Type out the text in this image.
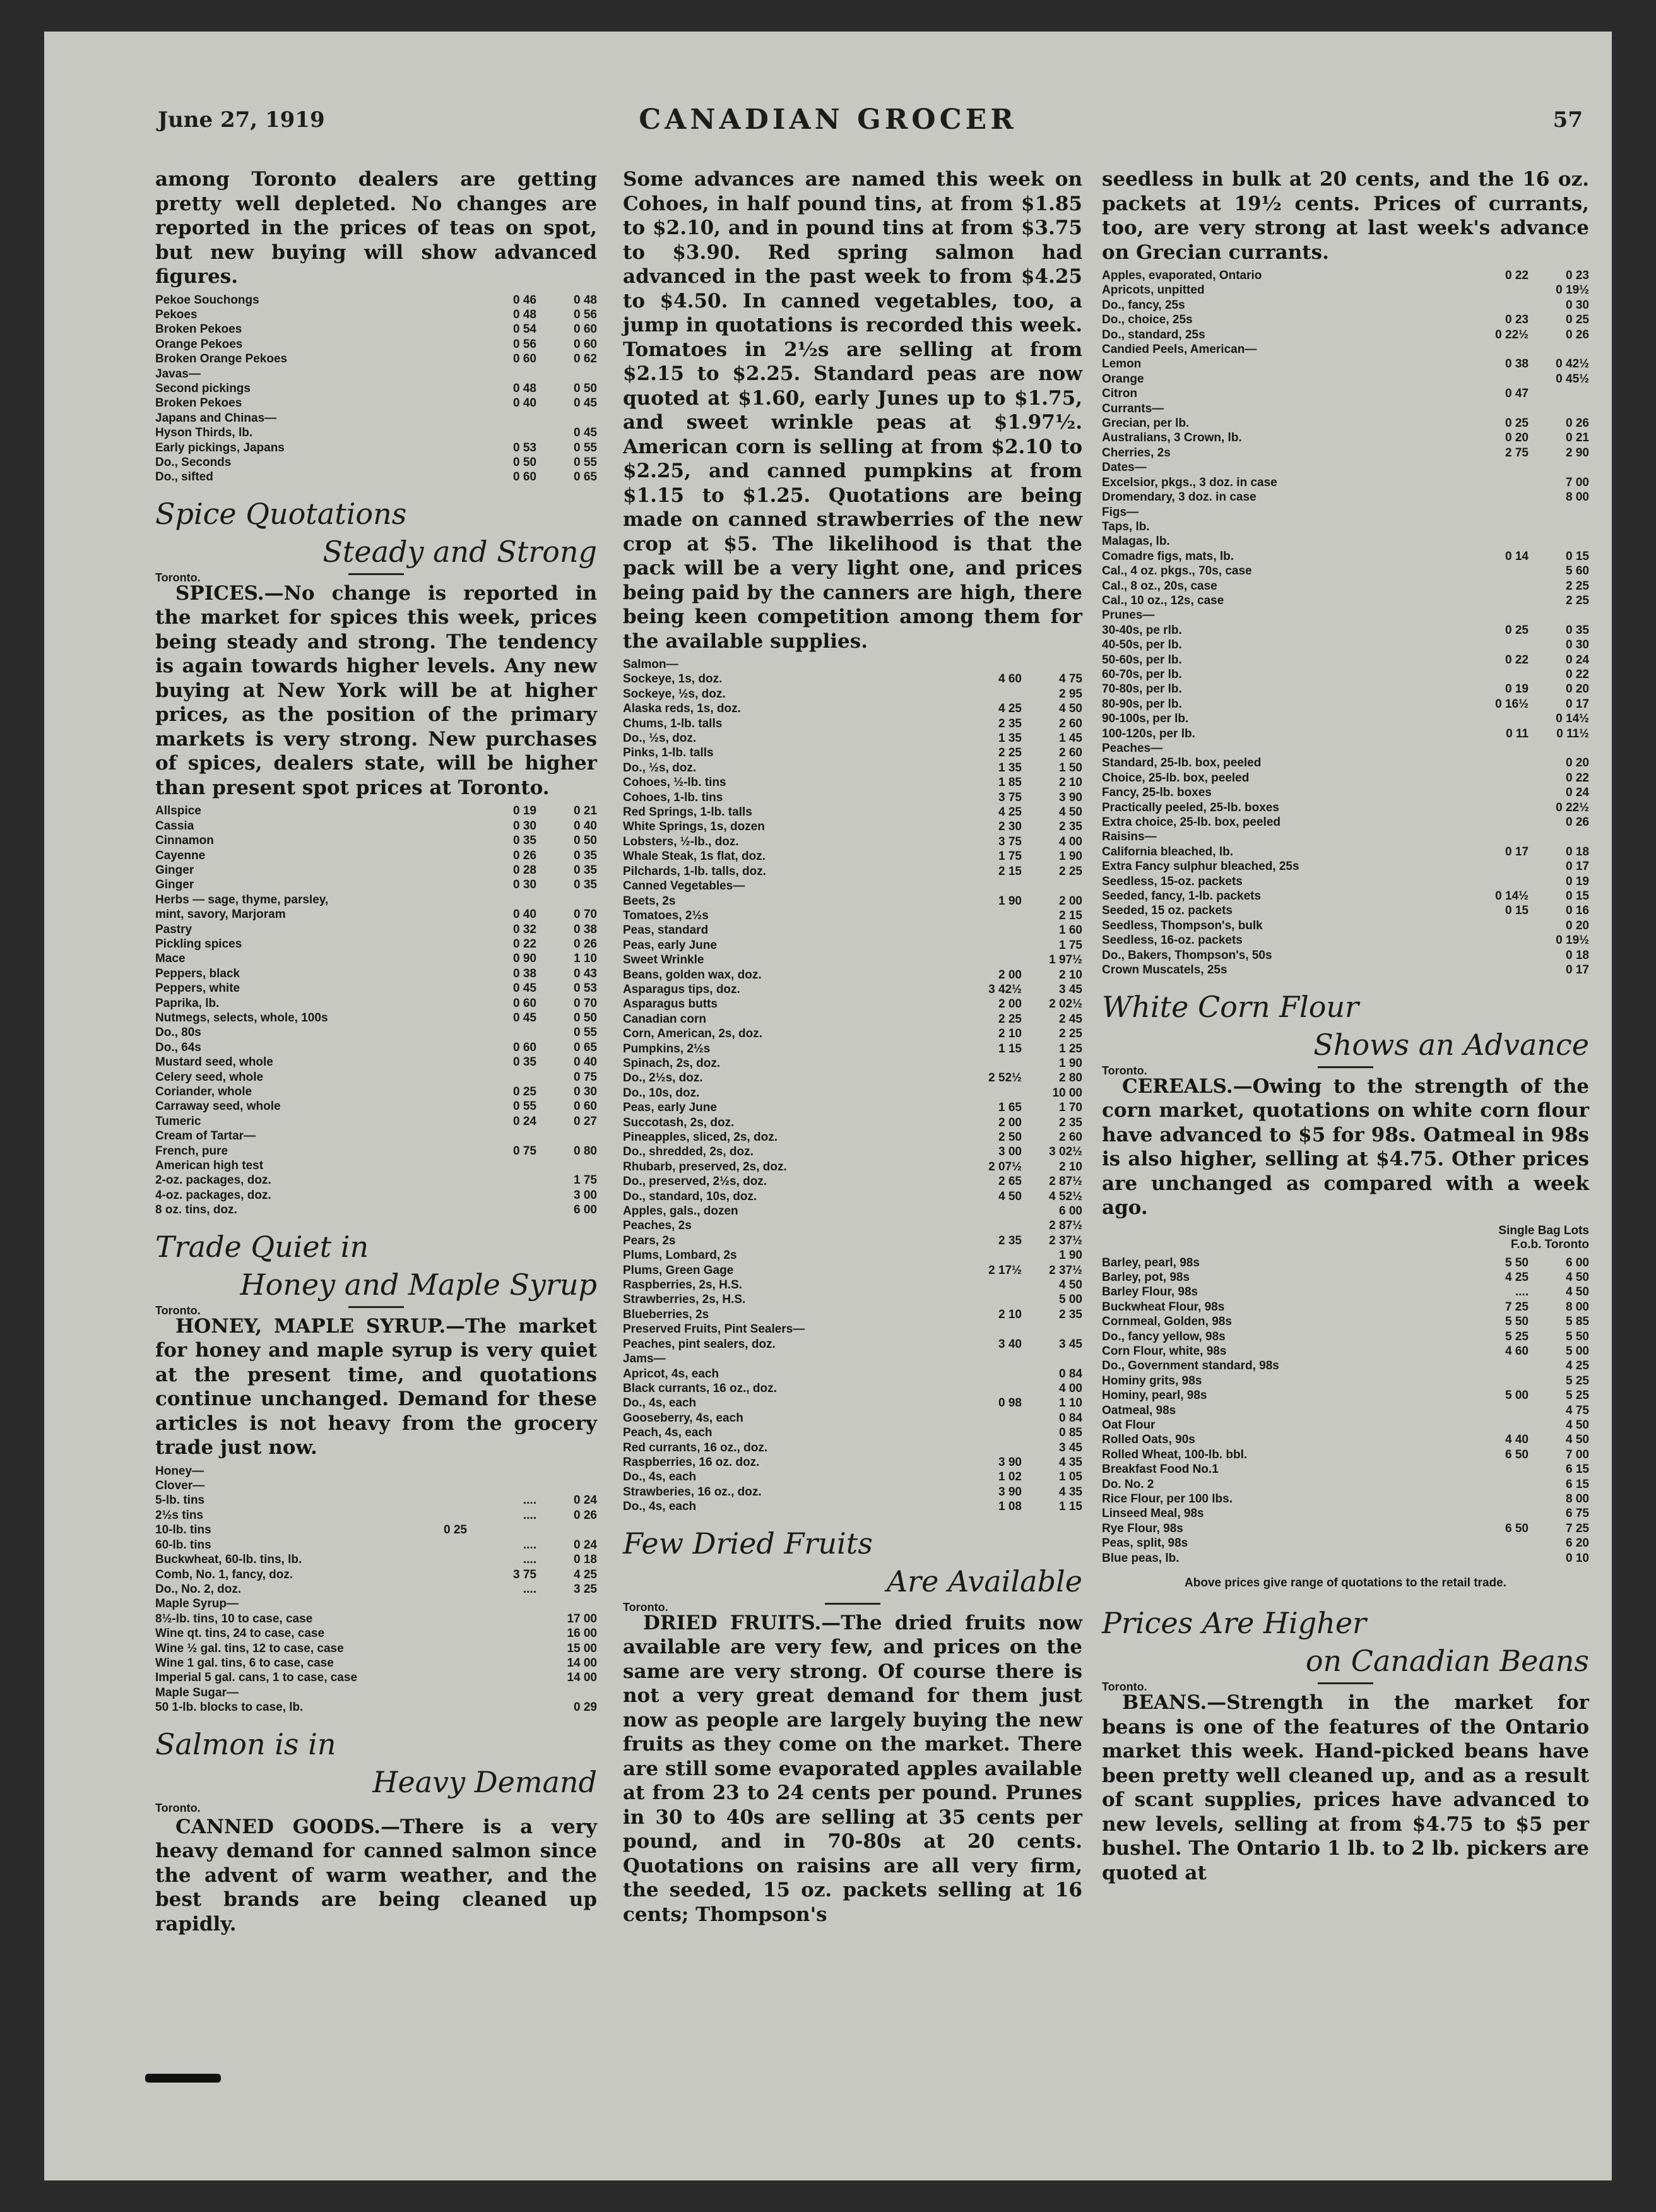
June 27, 1919	CANADIAN GROCER	57

among Toronto dealers are getting pretty well depleted. No changes are reported in the prices of teas on spot, but new buying will show advanced figures.

Pekoe Souchongs	0 46	0 48
Pekoes	0 48	0 56
Broken Pekoes	0 54	0 60
Orange Pekoes	0 56	0 60
Broken Orange Pekoes	0 60	0 62
Javas—		
Second pickings	0 48	0 50
Broken Pekoes	0 40	0 45
Japans and Chinas—		
Hyson Thirds, lb.		0 45
Early pickings, Japans	0 53	0 55
Do., Seconds	0 50	0 55
Do., sifted	0 60	0 65
Spice Quotations
Steady and Strong
Toronto.

SPICES.—No change is reported in the market for spices this week, prices being steady and strong. The tendency is again towards higher levels. Any new buying at New York will be at higher prices, as the position of the primary markets is very strong. New purchases of spices, dealers state, will be higher than present spot prices at Toronto.

Allspice	0 19	0 21
Cassia	0 30	0 40
Cinnamon	0 35	0 50
Cayenne	0 26	0 35
Ginger	0 28	0 35
Ginger	0 30	0 35
Herbs — sage, thyme, parsley,		
mint, savory, Marjoram	0 40	0 70
Pastry	0 32	0 38
Pickling spices	0 22	0 26
Mace	0 90	1 10
Peppers, black	0 38	0 43
Peppers, white	0 45	0 53
Paprika, lb.	0 60	0 70
Nutmegs, selects, whole, 100s	0 45	0 50
Do., 80s		0 55
Do., 64s	0 60	0 65
Mustard seed, whole	0 35	0 40
Celery seed, whole		0 75
Coriander, whole	0 25	0 30
Carraway seed, whole	0 55	0 60
Tumeric	0 24	0 27
Cream of Tartar—		
French, pure	0 75	0 80
American high test		
2-oz. packages, doz.		1 75
4-oz. packages, doz.		3 00
8 oz. tins, doz.		6 00
Trade Quiet in
Honey and Maple Syrup
Toronto.

HONEY, MAPLE SYRUP.—The market for honey and maple syrup is very quiet at the present time, and quotations continue unchanged. Demand for these articles is not heavy from the grocery trade just now.

Honey—			
Clover—			
5-lb. tins		....	0 24
2½s tins		....	0 26
10-lb. tins	0 25		
60-lb. tins		....	0 24
Buckwheat, 60-lb. tins, lb.		....	0 18
Comb, No. 1, fancy, doz.		3 75	4 25
Do., No. 2, doz.		....	3 25
Maple Syrup—			
8½-lb. tins, 10 to case, case			17 00
Wine qt. tins, 24 to case, case			16 00
Wine ½ gal. tins, 12 to case, case			15 00
Wine 1 gal. tins, 6 to case, case			14 00
Imperial 5 gal. cans, 1 to case, case			14 00
Maple Sugar—			
50 1-lb. blocks to case, lb.			0 29
Salmon is in
Heavy Demand
Toronto.

CANNED GOODS.—There is a very heavy demand for canned salmon since the advent of warm weather, and the best brands are being cleaned up rapidly.

Some advances are named this week on Cohoes, in half pound tins, at from $1.85 to $2.10, and in pound tins at from $3.75 to $3.90. Red spring salmon had advanced in the past week to from $4.25 to $4.50. In canned vegetables, too, a jump in quotations is recorded this week. Tomatoes in 2½s are selling at from $2.15 to $2.25. Standard peas are now quoted at $1.60, early Junes up to $1.75, and sweet wrinkle peas at $1.97½. American corn is selling at from $2.10 to $2.25, and canned pumpkins at from $1.15 to $1.25. Quotations are being made on canned strawberries of the new crop at $5. The likelihood is that the pack will be a very light one, and prices being paid by the canners are high, there being keen competition among them for the available supplies.

Salmon—		
Sockeye, 1s, doz.	4 60	4 75
Sockeye, ½s, doz.		2 95
Alaska reds, 1s, doz.	4 25	4 50
Chums, 1-lb. talls	2 35	2 60
Do., ½s, doz.	1 35	1 45
Pinks, 1-lb. talls	2 25	2 60
Do., ½s, doz.	1 35	1 50
Cohoes, ½-lb. tins	1 85	2 10
Cohoes, 1-lb. tins	3 75	3 90
Red Springs, 1-lb. talls	4 25	4 50
White Springs, 1s, dozen	2 30	2 35
Lobsters, ½-lb., doz.	3 75	4 00
Whale Steak, 1s flat, doz.	1 75	1 90
Pilchards, 1-lb. talls, doz.	2 15	2 25
Canned Vegetables—		
Beets, 2s	1 90	2 00
Tomatoes, 2½s		2 15
Peas, standard		1 60
Peas, early June		1 75
Sweet Wrinkle		1 97½
Beans, golden wax, doz.	2 00	2 10
Asparagus tips, doz.	3 42½	3 45
Asparagus butts	2 00	2 02½
Canadian corn	2 25	2 45
Corn, American, 2s, doz.	2 10	2 25
Pumpkins, 2½s	1 15	1 25
Spinach, 2s, doz.		1 90
Do., 2½s, doz.	2 52½	2 80
Do., 10s, doz.		10 00
Peas, early June	1 65	1 70
Succotash, 2s, doz.	2 00	2 35
Pineapples, sliced, 2s, doz.	2 50	2 60
Do., shredded, 2s, doz.	3 00	3 02½
Rhubarb, preserved, 2s, doz.	2 07½	2 10
Do., preserved, 2½s, doz.	2 65	2 87½
Do., standard, 10s, doz.	4 50	4 52½
Apples, gals., dozen		6 00
Peaches, 2s		2 87½
Pears, 2s	2 35	2 37½
Plums, Lombard, 2s		1 90
Plums, Green Gage	2 17½	2 37½
Raspberries, 2s, H.S.		4 50
Strawberries, 2s, H.S.		5 00
Blueberries, 2s	2 10	2 35
Preserved Fruits, Pint Sealers—		
Peaches, pint sealers, doz.	3 40	3 45
Jams—		
Apricot, 4s, each		0 84
Black currants, 16 oz., doz.		4 00
Do., 4s, each	0 98	1 10
Gooseberry, 4s, each		0 84
Peach, 4s, each		0 85
Red currants, 16 oz., doz.		3 45
Raspberries, 16 oz. doz.	3 90	4 35
Do., 4s, each	1 02	1 05
Strawberies, 16 oz., doz.	3 90	4 35
Do., 4s, each	1 08	1 15
Few Dried Fruits
Are Available
Toronto.

DRIED FRUITS.—The dried fruits now available are very few, and prices on the same are very strong. Of course there is not a very great demand for them just now as people are largely buying the new fruits as they come on the market. There are still some evaporated apples available at from 23 to 24 cents per pound. Prunes in 30 to 40s are selling at 35 cents per pound, and in 70-80s at 20 cents. Quotations on raisins are all very firm, the seeded, 15 oz. packets selling at 16 cents; Thompson's

seedless in bulk at 20 cents, and the 16 oz. packets at 19½ cents. Prices of currants, too, are very strong at last week's advance on Grecian currants.

Apples, evaporated, Ontario	0 22	0 23
Apricots, unpitted		0 19½
Do., fancy, 25s		0 30
Do., choice, 25s	0 23	0 25
Do., standard, 25s	0 22½	0 26
Candied Peels, American—		
Lemon	0 38	0 42½
Orange		0 45½
Citron	0 47	
Currants—		
Grecian, per lb.	0 25	0 26
Australians, 3 Crown, lb.	0 20	0 21
Cherries, 2s	2 75	2 90
Dates—		
Excelsior, pkgs., 3 doz. in case		7 00
Dromendary, 3 doz. in case		8 00
Figs—		
Taps, lb.		
Malagas, lb.		
Comadre figs, mats, lb.	0 14	0 15
Cal., 4 oz. pkgs., 70s, case		5 60
Cal., 8 oz., 20s, case		2 25
Cal., 10 oz., 12s, case		2 25
Prunes—		
30-40s, pe rlb.	0 25	0 35
40-50s, per lb.		0 30
50-60s, per lb.	0 22	0 24
60-70s, per lb.		0 22
70-80s, per lb.	0 19	0 20
80-90s, per lb.	0 16½	0 17
90-100s, per lb.		0 14½
100-120s, per lb.	0 11	0 11½
Peaches—		
Standard, 25-lb. box, peeled		0 20
Choice, 25-lb. box, peeled		0 22
Fancy, 25-lb. boxes		0 24
Practically peeled, 25-lb. boxes		0 22½
Extra choice, 25-lb. box, peeled		0 26
Raisins—		
California bleached, lb.	0 17	0 18
Extra Fancy sulphur bleached, 25s		0 17
Seedless, 15-oz. packets		0 19
Seeded, fancy, 1-lb. packets	0 14½	0 15
Seeded, 15 oz. packets	0 15	0 16
Seedless, Thompson's, bulk		0 20
Seedless, 16-oz. packets		0 19½
Do., Bakers, Thompson's, 50s		0 18
Crown Muscatels, 25s		0 17
White Corn Flour
Shows an Advance
Toronto.

CEREALS.—Owing to the strength of the corn market, quotations on white corn flour have advanced to $5 for 98s. Oatmeal in 98s is also higher, selling at $4.75. Other prices are unchanged as compared with a week ago.

Single Bag Lots
F.o.b. Toronto
Barley, pearl, 98s	5 50	6 00
Barley, pot, 98s	4 25	4 50
Barley Flour, 98s	....	4 50
Buckwheat Flour, 98s	7 25	8 00
Cornmeal, Golden, 98s	5 50	5 85
Do., fancy yellow, 98s	5 25	5 50
Corn Flour, white, 98s	4 60	5 00
Do., Government standard, 98s		4 25
Hominy grits, 98s		5 25
Hominy, pearl, 98s	5 00	5 25
Oatmeal, 98s		4 75
Oat Flour		4 50
Rolled Oats, 90s	4 40	4 50
Rolled Wheat, 100-lb. bbl.	6 50	7 00
Breakfast Food No.1		6 15
Do. No. 2		6 15
Rice Flour, per 100 lbs.		8 00
Linseed Meal, 98s		6 75
Rye Flour, 98s	6 50	7 25
Peas, split, 98s		6 20
Blue peas, lb.		0 10
Above prices give range of quotations to the retail trade.
Prices Are Higher
on Canadian Beans
Toronto.

BEANS.—Strength in the market for beans is one of the features of the Ontario market this week. Hand-picked beans have been pretty well cleaned up, and as a result of scant supplies, prices have advanced to new levels, selling at from $4.75 to $5 per bushel. The Ontario 1 lb. to 2 lb. pickers are quoted at
